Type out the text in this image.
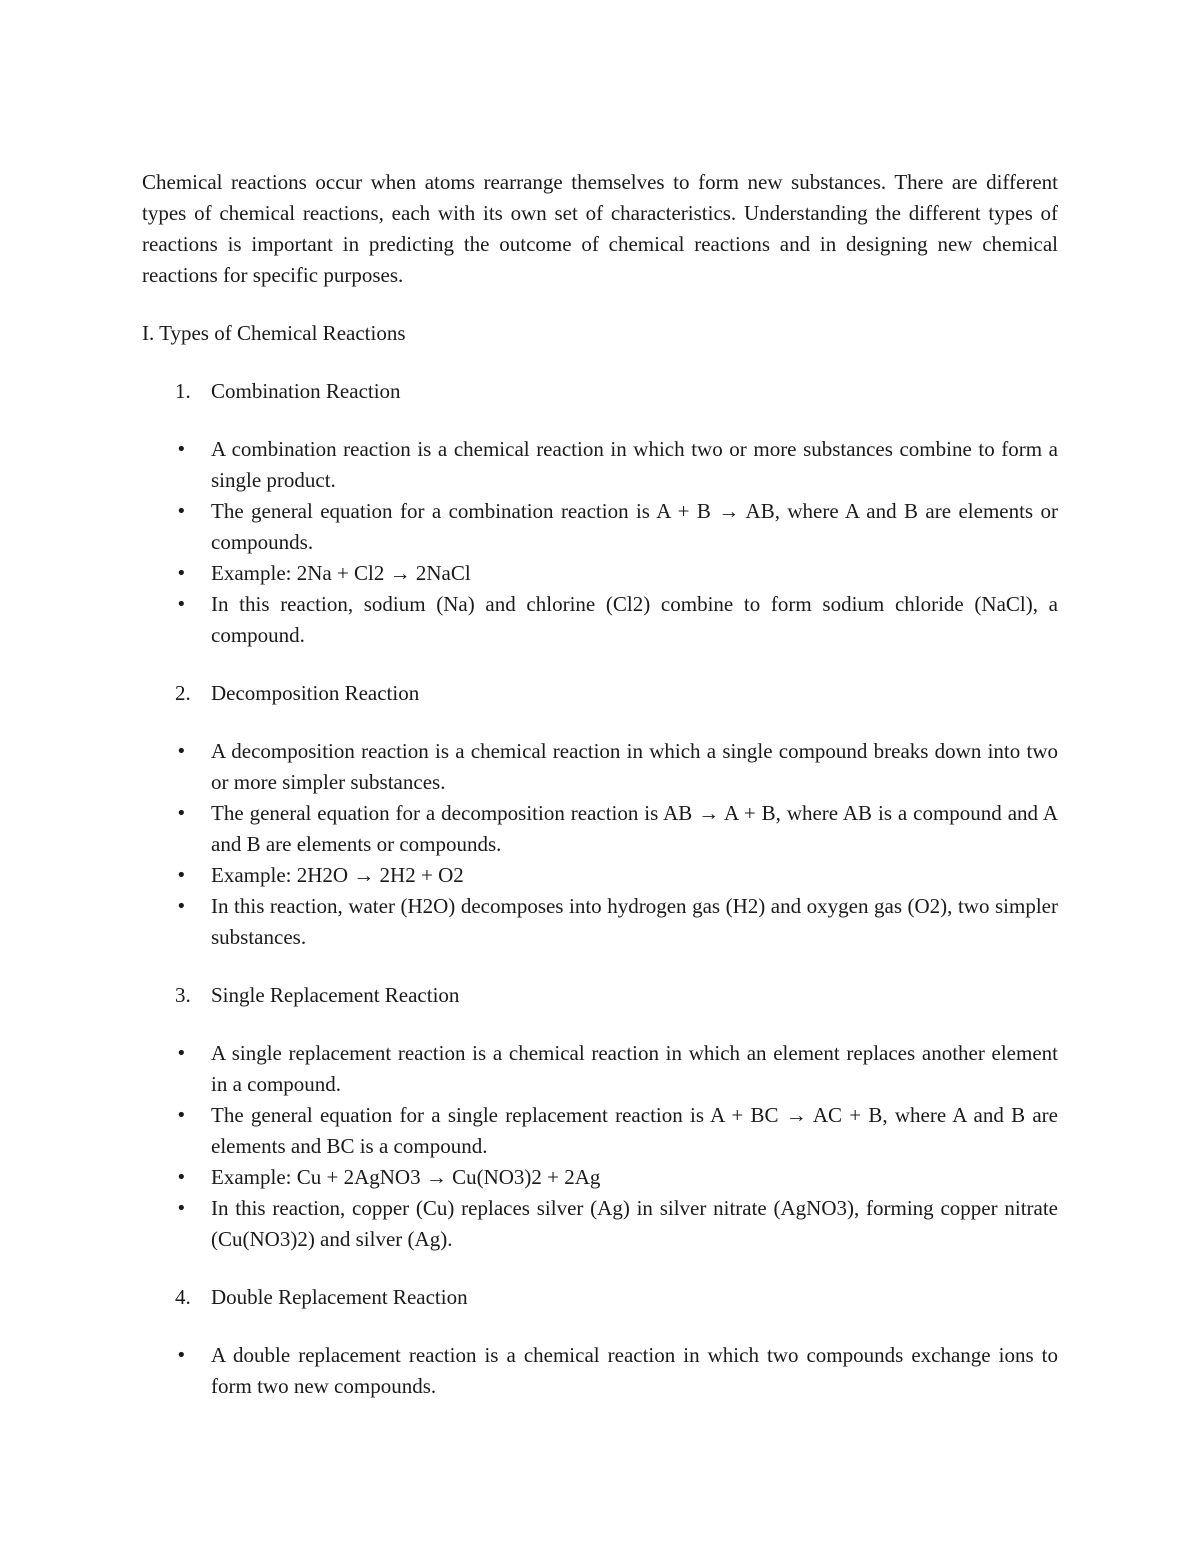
Chemical reactions occur when atoms rearrange themselves to form new substances. There are different types of chemical reactions, each with its own set of characteristics. Understanding the different types of reactions is important in predicting the outcome of chemical reactions and in designing new chemical reactions for specific purposes.

I. Types of Chemical Reactions

1. Combination Reaction

• A combination reaction is a chemical reaction in which two or more substances combine to form a single product.
• The general equation for a combination reaction is A + B → AB, where A and B are elements or compounds.
• Example: 2Na + Cl2 → 2NaCl
• In this reaction, sodium (Na) and chlorine (Cl2) combine to form sodium chloride (NaCl), a compound.

2. Decomposition Reaction

• A decomposition reaction is a chemical reaction in which a single compound breaks down into two or more simpler substances.
• The general equation for a decomposition reaction is AB → A + B, where AB is a compound and A and B are elements or compounds.
• Example: 2H2O → 2H2 + O2
• In this reaction, water (H2O) decomposes into hydrogen gas (H2) and oxygen gas (O2), two simpler substances.

3. Single Replacement Reaction

• A single replacement reaction is a chemical reaction in which an element replaces another element in a compound.
• The general equation for a single replacement reaction is A + BC → AC + B, where A and B are elements and BC is a compound.
• Example: Cu + 2AgNO3 → Cu(NO3)2 + 2Ag
• In this reaction, copper (Cu) replaces silver (Ag) in silver nitrate (AgNO3), forming copper nitrate (Cu(NO3)2) and silver (Ag).

4. Double Replacement Reaction

• A double replacement reaction is a chemical reaction in which two compounds exchange ions to form two new compounds.
